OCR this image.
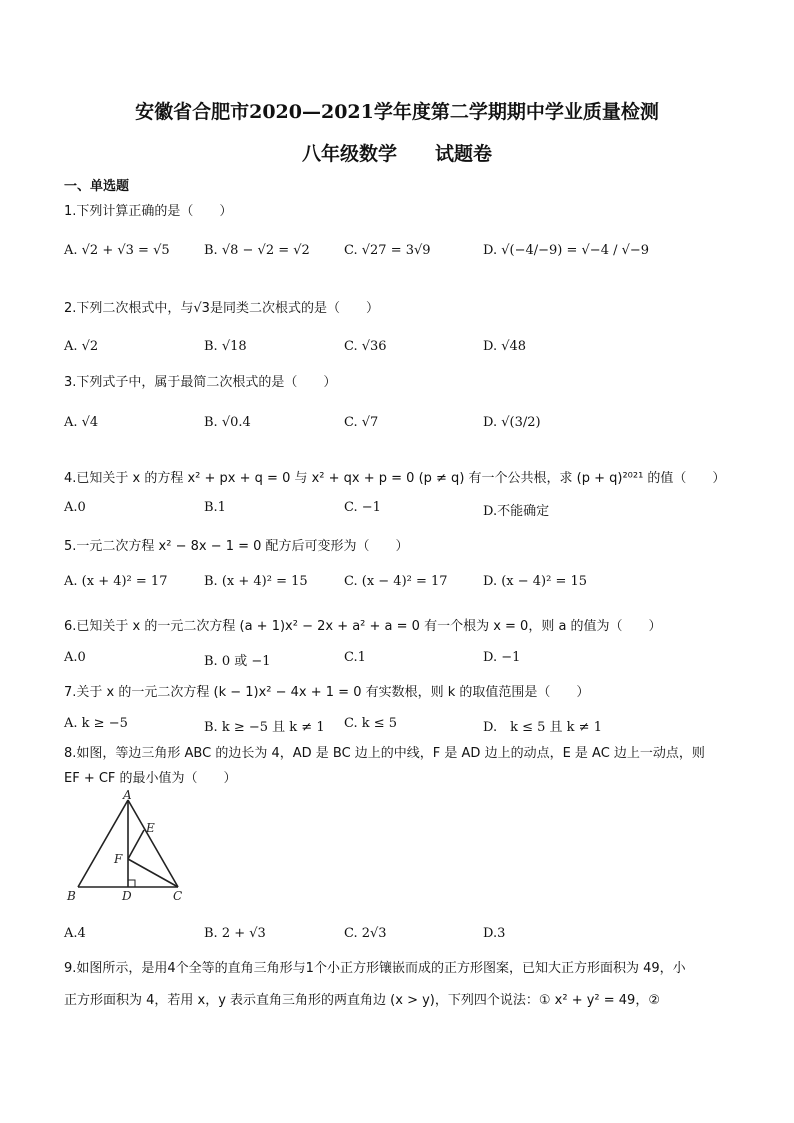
安徽省合肥市2020—2021学年度第二学期期中学业质量检测
八年级数学　　试题卷
一、单选题
1.下列计算正确的是（　　）
A. √2 + √3 = √5	B. √8 − √2 = √2	C. √27 = 3√9	D. √(−4/−9) = √−4 / √−9
2.下列二次根式中，与√3是同类二次根式的是（　　）
A. √2	B. √18	C. √36	D. √48
3.下列式子中，属于最简二次根式的是（　　）
A. √4	B. √0.4	C. √7	D. √(3/2)
4.已知关于 x 的方程 x² + px + q = 0 与 x² + qx + p = 0 (p ≠ q) 有一个公共根，求 (p + q)²⁰²¹ 的值（　　）
A.0	B.1	C. −1	D.不能确定
5.一元二次方程 x² − 8x − 1 = 0 配方后可变形为（　　）
A. (x + 4)² = 17	B. (x + 4)² = 15	C. (x − 4)² = 17	D. (x − 4)² = 15
6.已知关于 x 的一元二次方程 (a + 1)x² − 2x + a² + a = 0 有一个根为 x = 0，则 a 的值为（　　）
A.0	B. 0 或 −1	C.1	D. −1
7.关于 x 的一元二次方程 (k − 1)x² − 4x + 1 = 0 有实数根，则 k 的取值范围是（　　）
A. k ≥ −5	B. k ≥ −5 且 k ≠ 1 C. k ≤ 5	D.　k ≤ 5 且 k ≠ 1
8.如图，等边三角形 ABC 的边长为 4，AD 是 BC 边上的中线，F 是 AD 边上的动点，E 是 AC 边上一动点，则
EF + CF 的最小值为（　　）
A
B	C
D
E
F
A.4	B. 2 + √3	C. 2√3	D.3
9.如图所示，是用4个全等的直角三角形与1个小正方形镶嵌而成的正方形图案，已知大正方形面积为 49，小
正方形面积为 4，若用 x，y 表示直角三角形的两直角边 (x > y)，下列四个说法：① x² + y² = 49，②
